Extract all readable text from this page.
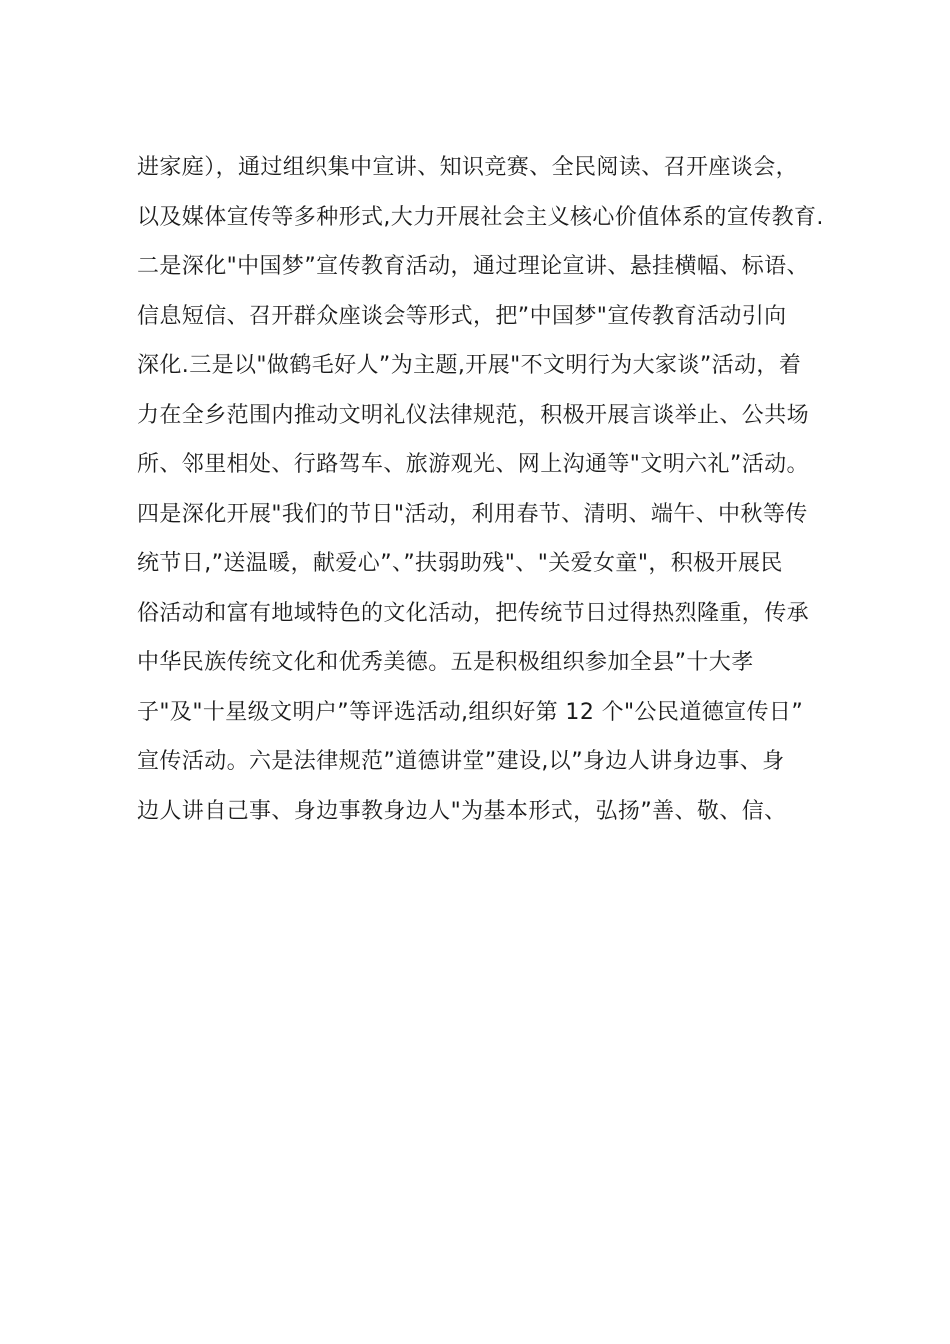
进家庭），通过组织集中宣讲、知识竞赛、全民阅读、召开座谈会，
以及媒体宣传等多种形式,大力开展社会主义核心价值体系的宣传教育.
二是深化"中国梦”宣传教育活动，通过理论宣讲、悬挂横幅、标语、
信息短信、召开群众座谈会等形式，把”中国梦"宣传教育活动引向
深化.三是以"做鹤毛好人”为主题,开展"不文明行为大家谈”活动，着
力在全乡范围内推动文明礼仪法律规范，积极开展言谈举止、公共场
所、邻里相处、行路驾车、旅游观光、网上沟通等"文明六礼”活动。
四是深化开展"我们的节日"活动，利用春节、清明、端午、中秋等传
统节日,”送温暖，献爱心”、”扶弱助残"、"关爱女童"，积极开展民
俗活动和富有地域特色的文化活动，把传统节日过得热烈隆重，传承
中华民族传统文化和优秀美德。五是积极组织参加全县”十大孝
子"及"十星级文明户”等评选活动,组织好第 12 个"公民道德宣传日”
宣传活动。六是法律规范”道德讲堂”建设,以”身边人讲身边事、身
边人讲自己事、身边事教身边人"为基本形式，弘扬”善、敬、信、
